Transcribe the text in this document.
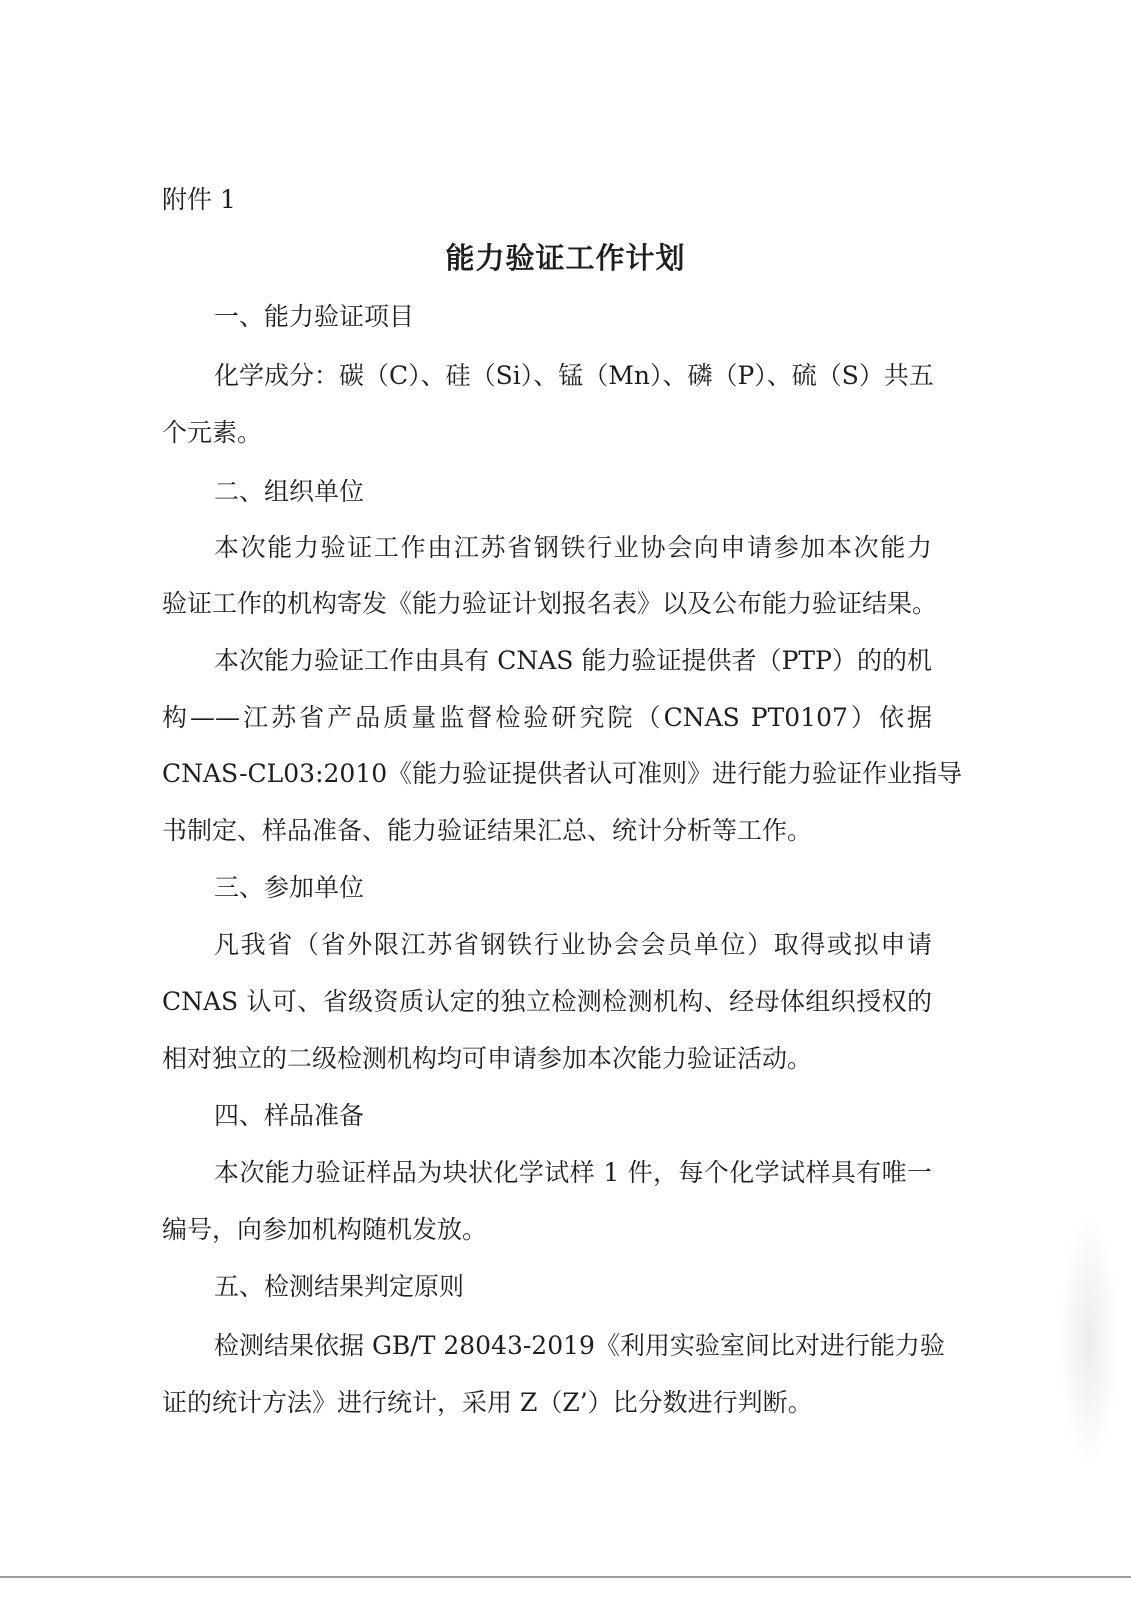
附件 1

能力验证工作计划

一、能力验证项目

化学成分：碳（C）、硅（Si）、锰（Mn）、磷（P）、硫（S）共五

个元素。

二、组织单位

本次能力验证工作由江苏省钢铁行业协会向申请参加本次能力

验证工作的机构寄发《能力验证计划报名表》以及公布能力验证结果。

本次能力验证工作由具有 CNAS 能力验证提供者（PTP）的的机

构——江苏省产品质量监督检验研究院（CNAS PT0107）依据

CNAS-CL03:2010《能力验证提供者认可准则》进行能力验证作业指导

书制定、样品准备、能力验证结果汇总、统计分析等工作。

三、参加单位

凡我省（省外限江苏省钢铁行业协会会员单位）取得或拟申请

CNAS 认可、省级资质认定的独立检测检测机构、经母体组织授权的

相对独立的二级检测机构均可申请参加本次能力验证活动。

四、样品准备

本次能力验证样品为块状化学试样 1 件，每个化学试样具有唯一

编号，向参加机构随机发放。

五、检测结果判定原则

检测结果依据 GB/T 28043-2019《利用实验室间比对进行能力验

证的统计方法》进行统计，采用 Z（Z’）比分数进行判断。
